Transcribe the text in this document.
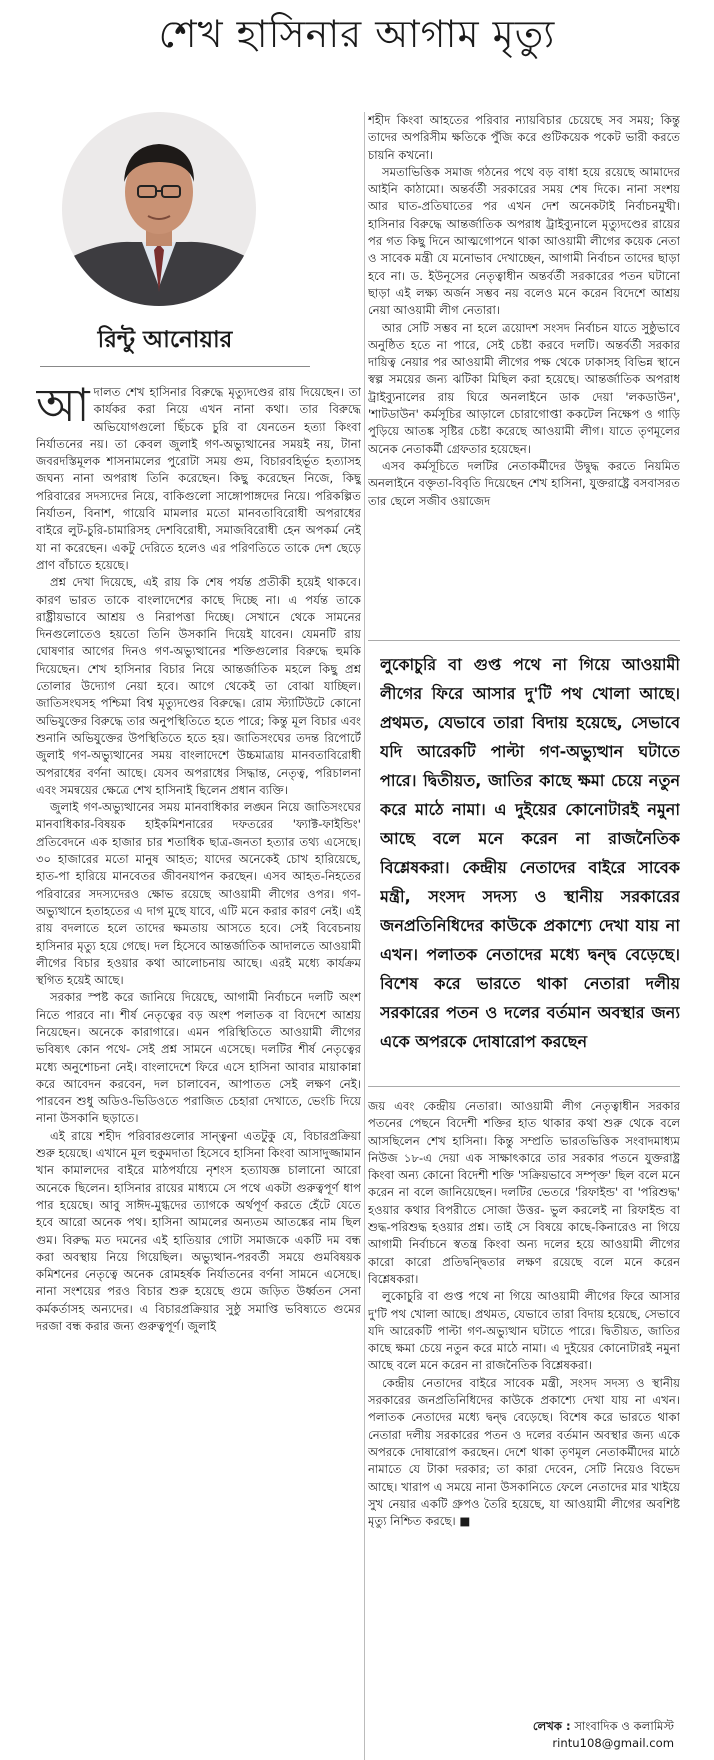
শেখ হাসিনার আগাম মৃত্যু
রিন্টু আনোয়ার

আদালত শেখ হাসিনার বিরুদ্ধে মৃত্যুদণ্ডের রায় দিয়েছেন। তা কার্যকর করা নিয়ে এখন নানা কথা। তার বিরুদ্ধে অভিযোগগুলো ছিঁচকে চুরি বা যেনতেন হত্যা কিংবা নির্যাতনের নয়। তা কেবল জুলাই গণ-অভ্যুত্থানের সময়ই নয়, টানা জবরদস্তিমূলক শাসনামলের পুরোটা সময় গুম, বিচারবহির্ভূত হত্যাসহ জঘন্য নানা অপরাধ তিনি করেছেন। কিছু করেছেন নিজে, কিছু পরিবারের সদস্যদের নিয়ে, বাকিগুলো সাঙ্গোপাঙ্গদের নিয়ে। পরিকল্পিত নির্যাতন, বিনাশ, গায়েবি মামলার মতো মানবতাবিরোধী অপরাধের বাইরে লুট-চুরি-চামারিসহ দেশবিরোধী, সমাজবিরোধী হেন অপকর্ম নেই যা না করেছেন। একটু দেরিতে হলেও এর পরিণতিতে তাকে দেশ ছেড়ে প্রাণ বাঁচাতে হয়েছে।

প্রশ্ন দেখা দিয়েছে, এই রায় কি শেষ পর্যন্ত প্রতীকী হয়েই থাকবে। কারণ ভারত তাকে বাংলাদেশের কাছে দিচ্ছে না। এ পর্যন্ত তাকে রাষ্ট্রীয়ভাবে আশ্রয় ও নিরাপত্তা দিচ্ছে। সেখানে থেকে সামনের দিনগুলোতেও হয়তো তিনি উসকানি দিয়েই যাবেন। যেমনটি রায় ঘোষণার আগের দিনও গণ-অভ্যুত্থানের শক্তিগুলোর বিরুদ্ধে হুমকি দিয়েছেন। শেখ হাসিনার বিচার নিয়ে আন্তর্জাতিক মহলে কিছু প্রশ্ন তোলার উদ্যোগ নেয়া হবে। আগে থেকেই তা বোঝা যাচ্ছিল। জাতিসংঘসহ পশ্চিমা বিশ্ব মৃত্যুদণ্ডের বিরুদ্ধে। রোম স্ট্যাটিউটে কোনো অভিযুক্তের বিরুদ্ধে তার অনুপস্থিতিতে হতে পারে; কিন্তু মূল বিচার এবং শুনানি অভিযুক্তের উপস্থিতিতে হতে হয়। জাতিসংঘের তদন্ত রিপোর্টে জুলাই গণ-অভ্যুত্থানের সময় বাংলাদেশে উচ্চমাত্রায় মানবতাবিরোধী অপরাধের বর্ণনা আছে। যেসব অপরাধের সিদ্ধান্ত, নেতৃত্ব, পরিচালনা এবং সমন্বয়ের ক্ষেত্রে শেখ হাসিনাই ছিলেন প্রধান ব্যক্তি।

জুলাই গণ-অভ্যুত্থানের সময় মানবাধিকার লঙ্ঘন নিয়ে জাতিসংঘের মানবাধিকার-বিষয়ক হাইকমিশনারের দফতরের 'ফ্যাক্ট-ফাইন্ডিং' প্রতিবেদনে এক হাজার চার শতাধিক ছাত্র-জনতা হত্যার তথ্য এসেছে। ৩০ হাজারের মতো মানুষ আহত; যাদের অনেকেই চোখ হারিয়েছে, হাত-পা হারিয়ে মানবেতর জীবনযাপন করছেন। এসব আহত-নিহতের পরিবারের সদস্যদেরও ক্ষোভ রয়েছে আওয়ামী লীগের ওপর। গণ-অভ্যুত্থানে হতাহতের এ দাগ মুছে যাবে, এটি মনে করার কারণ নেই। এই রায় বদলাতে হলে তাদের ক্ষমতায় আসতে হবে। সেই বিবেচনায় হাসিনার মৃত্যু হয়ে গেছে। দল হিসেবে আন্তর্জাতিক আদালতে আওয়ামী লীগের বিচার হওয়ার কথা আলোচনায় আছে। এরই মধ্যে কার্যক্রম স্থগিত হয়েই আছে।

সরকার স্পষ্ট করে জানিয়ে দিয়েছে, আগামী নির্বাচনে দলটি অংশ নিতে পারবে না। শীর্ষ নেতৃত্বের বড় অংশ পলাতক বা বিদেশে আশ্রয় নিয়েছেন। অনেকে কারাগারে। এমন পরিস্থিতিতে আওয়ামী লীগের ভবিষ্যৎ কোন পথে- সেই প্রশ্ন সামনে এসেছে। দলটির শীর্ষ নেতৃত্বের মধ্যে অনুশোচনা নেই। বাংলাদেশে ফিরে এসে হাসিনা আবার মায়াকান্না করে আবেদন করবেন, দল চালাবেন, আপাতত সেই লক্ষণ নেই। পারবেন শুধু অডিও-ভিডিওতে পরাজিত চেহারা দেখাতে, ভেংচি দিয়ে নানা উসকানি ছড়াতে।

এই রায়ে শহীদ পরিবারগুলোর সান্ত্বনা এতটুকু যে, বিচারপ্রক্রিয়া শুরু হয়েছে। এখানে মূল হুকুমদাতা হিসেবে হাসিনা কিংবা আসাদুজ্জামান খান কামালদের বাইরে মাঠপর্যায়ে নৃশংস হত্যাযজ্ঞ চালানো আরো অনেকে ছিলেন। হাসিনার রায়ের মাধ্যমে সে পথে একটা গুরুত্বপূর্ণ ধাপ পার হয়েছে। আবু সাঈদ-মুগ্ধদের ত্যাগকে অর্থপূর্ণ করতে হেঁটে যেতে হবে আরো অনেক পথ। হাসিনা আমলের অন্যতম আতঙ্কের নাম ছিল গুম। বিরুদ্ধ মত দমনের এই হাতিয়ার গোটা সমাজকে একটি দম বন্ধ করা অবস্থায় নিয়ে গিয়েছিল। অভ্যুত্থান-পরবর্তী সময়ে গুমবিষয়ক কমিশনের নেতৃত্বে অনেক রোমহর্ষক নির্যাতনের বর্ণনা সামনে এসেছে। নানা সংশয়ের পরও বিচার শুরু হয়েছে গুমে জড়িত উর্ধ্বতন সেনা কর্মকর্তাসহ অন্যদের। এ বিচারপ্রক্রিয়ার সুষ্ঠু সমাপ্তি ভবিষ্যতে গুমের দরজা বন্ধ করার জন্য গুরুত্বপূর্ণ। জুলাই

শহীদ কিংবা আহতের পরিবার ন্যায়বিচার চেয়েছে সব সময়; কিন্তু তাদের অপরিসীম ক্ষতিকে পুঁজি করে গুটিকয়েক পকেট ভারী করতে চায়নি কখনো।

সমতাভিত্তিক সমাজ গঠনের পথে বড় বাধা হয়ে রয়েছে আমাদের আইনি কাঠামো। অন্তর্বর্তী সরকারের সময় শেষ দিকে। নানা সংশয় আর ঘাত-প্রতিঘাতের পর এখন দেশ অনেকটাই নির্বাচনমুখী। হাসিনার বিরুদ্ধে আন্তর্জাতিক অপরাধ ট্রাইব্যুনালে মৃত্যুদণ্ডের রায়ের পর গত কিছু দিনে আত্মগোপনে থাকা আওয়ামী লীগের কয়েক নেতা ও সাবেক মন্ত্রী যে মনোভাব দেখাচ্ছেন, আগামী নির্বাচন তাদের ছাড়া হবে না। ড. ইউনূসের নেতৃত্বাধীন অন্তর্বর্তী সরকারের পতন ঘটানো ছাড়া এই লক্ষ্য অর্জন সম্ভব নয় বলেও মনে করেন বিদেশে আশ্রয় নেয়া আওয়ামী লীগ নেতারা।

আর সেটি সম্ভব না হলে ত্রয়োদশ সংসদ নির্বাচন যাতে সুষ্ঠুভাবে অনুষ্ঠিত হতে না পারে, সেই চেষ্টা করবে দলটি। অন্তর্বর্তী সরকার দায়িত্ব নেয়ার পর আওয়ামী লীগের পক্ষ থেকে ঢাকাসহ বিভিন্ন স্থানে স্বল্প সময়ের জন্য ঝটিকা মিছিল করা হয়েছে। আন্তর্জাতিক অপরাধ ট্রাইব্যুনালের রায় ঘিরে অনলাইনে ডাক দেয়া 'লকডাউন', 'শাটডাউন' কর্মসূচির আড়ালে চোরাগোপ্তা ককটেল নিক্ষেপ ও গাড়ি পুড়িয়ে আতঙ্ক সৃষ্টির চেষ্টা করেছে আওয়ামী লীগ। যাতে তৃণমূলের অনেক নেতাকর্মী গ্রেফতার হয়েছেন।

এসব কর্মসূচিতে দলটির নেতাকর্মীদের উদ্বুদ্ধ করতে নিয়মিত অনলাইনে বক্তৃতা-বিবৃতি দিয়েছেন শেখ হাসিনা, যুক্তরাষ্ট্রে বসবাসরত তার ছেলে সজীব ওয়াজেদ

লুকোচুরি বা গুপ্ত পথে না গিয়ে আওয়ামী লীগের ফিরে আসার দু'টি পথ খোলা আছে। প্রথমত, যেভাবে তারা বিদায় হয়েছে, সেভাবে যদি আরেকটি পাল্টা গণ-অভ্যুত্থান ঘটাতে পারে। দ্বিতীয়ত, জাতির কাছে ক্ষমা চেয়ে নতুন করে মাঠে নামা। এ দুইয়ের কোনোটারই নমুনা আছে বলে মনে করেন না রাজনৈতিক বিশ্লেষকরা। কেন্দ্রীয় নেতাদের বাইরে সাবেক মন্ত্রী, সংসদ সদস্য ও স্থানীয় সরকারের জনপ্রতিনিধিদের কাউকে প্রকাশ্যে দেখা যায় না এখন। পলাতক নেতাদের মধ্যে দ্বন্দ্ব বেড়েছে। বিশেষ করে ভারতে থাকা নেতারা দলীয় সরকারের পতন ও দলের বর্তমান অবস্থার জন্য একে অপরকে দোষারোপ করছেন

জয় এবং কেন্দ্রীয় নেতারা। আওয়ামী লীগ নেতৃত্বাধীন সরকার পতনের পেছনে বিদেশী শক্তির হাত থাকার কথা শুরু থেকে বলে আসছিলেন শেখ হাসিনা। কিন্তু সম্প্রতি ভারতভিত্তিক সংবাদমাধ্যম নিউজ ১৮-এ দেয়া এক সাক্ষাৎকারে তার সরকার পতনে যুক্তরাষ্ট্র কিংবা অন্য কোনো বিদেশী শক্তি 'সক্রিয়ভাবে সম্পৃক্ত' ছিল বলে মনে করেন না বলে জানিয়েছেন। দলটির ভেতরে 'রিফাইন্ড' বা 'পরিশুদ্ধ' হওয়ার কথার বিপরীতে সোজা উত্তর- ভুল করলেই না রিফাইন্ড বা শুদ্ধ-পরিশুদ্ধ হওয়ার প্রশ্ন। তাই সে বিষয়ে কাছে-কিনারেও না গিয়ে আগামী নির্বাচনে স্বতন্ত্র কিংবা অন্য দলের হয়ে আওয়ামী লীগের কারো কারো প্রতিদ্বন্দ্বিতার লক্ষণ রয়েছে বলে মনে করেন বিশ্লেষকরা।

লুকোচুরি বা গুপ্ত পথে না গিয়ে আওয়ামী লীগের ফিরে আসার দু'টি পথ খোলা আছে। প্রথমত, যেভাবে তারা বিদায় হয়েছে, সেভাবে যদি আরেকটি পাল্টা গণ-অভ্যুত্থান ঘটাতে পারে। দ্বিতীয়ত, জাতির কাছে ক্ষমা চেয়ে নতুন করে মাঠে নামা। এ দুইয়ের কোনোটারই নমুনা আছে বলে মনে করেন না রাজনৈতিক বিশ্লেষকরা।

কেন্দ্রীয় নেতাদের বাইরে সাবেক মন্ত্রী, সংসদ সদস্য ও স্থানীয় সরকারের জনপ্রতিনিধিদের কাউকে প্রকাশ্যে দেখা যায় না এখন। পলাতক নেতাদের মধ্যে দ্বন্দ্ব বেড়েছে। বিশেষ করে ভারতে থাকা নেতারা দলীয় সরকারের পতন ও দলের বর্তমান অবস্থার জন্য একে অপরকে দোষারোপ করছেন। দেশে থাকা তৃণমূল নেতাকর্মীদের মাঠে নামাতে যে টাকা দরকার; তা কারা দেবেন, সেটি নিয়েও বিভেদ আছে। খারাপ এ সময়ে নানা উসকানিতে ফেলে নেতাদের মার খাইয়ে সুখ নেয়ার একটি গ্রুপও তৈরি হয়েছে, যা আওয়ামী লীগের অবশিষ্ট মৃত্যু নিশ্চিত করছে। ■

লেখক : সাংবাদিক ও কলামিস্ট
rintu108@gmail.com
